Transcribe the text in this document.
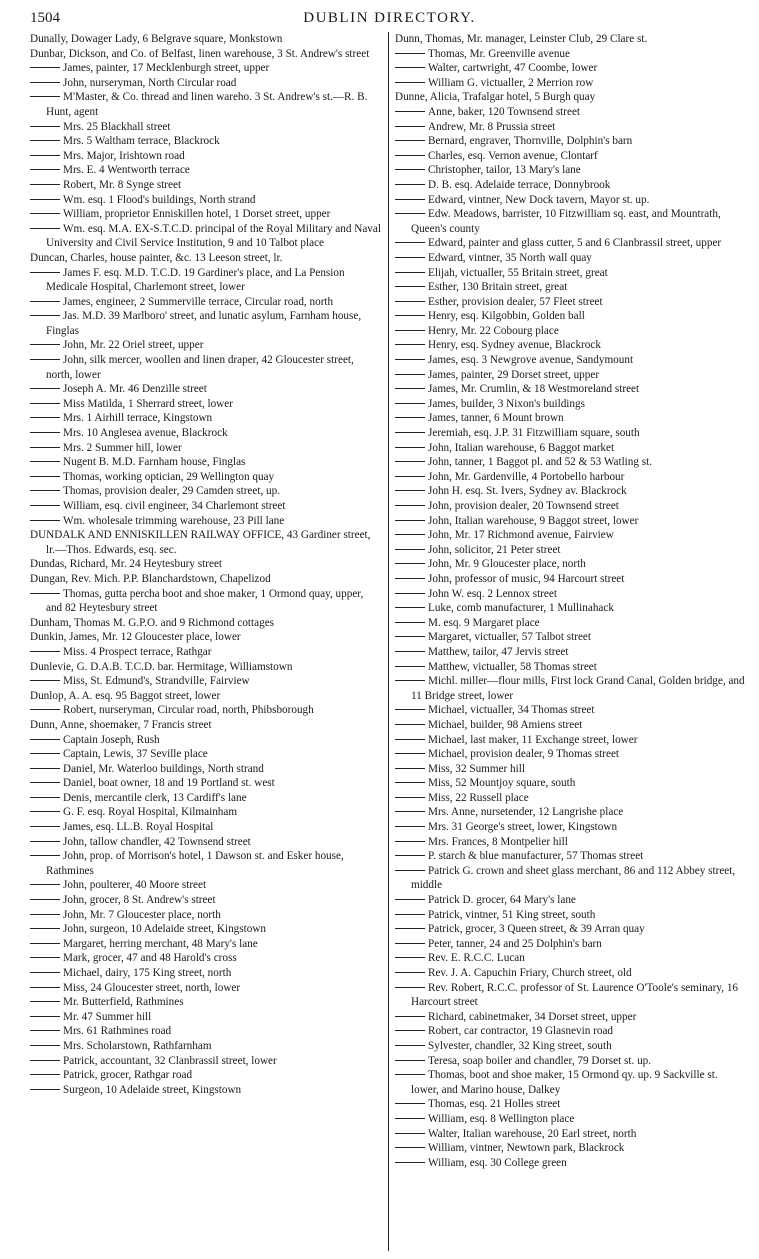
1504	DUBLIN DIRECTORY.
Dunally, Dowager Lady, 6 Belgrave square, Monkstown
Dunbar, Dickson, and Co. of Belfast, linen warehouse, 3 St. Andrew's street
James, painter, 17 Mecklenburgh street, upper
John, nurseryman, North Circular road
M'Master, & Co. thread and linen wareho. 3 St. Andrew's st.—R. B. Hunt, agent
Mrs. 25 Blackhall street
Mrs. 5 Waltham terrace, Blackrock
Mrs. Major, Irishtown road
Mrs. E. 4 Wentworth terrace
Robert, Mr. 8 Synge street
Wm. esq. 1 Flood's buildings, North strand
William, proprietor Enniskillen hotel, 1 Dorset street, upper
Wm. esq. M.A. EX-S.T.C.D. principal of the Royal Military and Naval University and Civil Service Institution, 9 and 10 Talbot place
Duncan, Charles, house painter, &c. 13 Leeson street, lr.
James F. esq. M.D. T.C.D. 19 Gardiner's place, and La Pension Medicale Hospital, Charlemont street, lower
James, engineer, 2 Summerville terrace, Circular road, north
Jas. M.D. 39 Marlboro' street, and lunatic asylum, Farnham house, Finglas
John, Mr. 22 Oriel street, upper
John, silk mercer, woollen and linen draper, 42 Gloucester street, north, lower
Joseph A. Mr. 46 Denzille street
Miss Matilda, 1 Sherrard street, lower
Mrs. 1 Airhill terrace, Kingstown
Mrs. 10 Anglesea avenue, Blackrock
Mrs. 2 Summer hill, lower
Nugent B. M.D. Farnham house, Finglas
Thomas, working optician, 29 Wellington quay
Thomas, provision dealer, 29 Camden street, up.
William, esq. civil engineer, 34 Charlemont street
Wm. wholesale trimming warehouse, 23 Pill lane
DUNDALK AND ENNISKILLEN RAILWAY OFFICE, 43 Gardiner street, lr.—Thos. Edwards, esq. sec.
Dundas, Richard, Mr. 24 Heytesbury street
Dungan, Rev. Mich. P.P. Blanchardstown, Chapelizod
Thomas, gutta percha boot and shoe maker, 1 Ormond quay, upper, and 82 Heytesbury street
Dunham, Thomas M. G.P.O. and 9 Richmond cottages
Dunkin, James, Mr. 12 Gloucester place, lower
Miss. 4 Prospect terrace, Rathgar
Dunlevie, G. D.A.B. T.C.D. bar. Hermitage, Williamstown
Miss, St. Edmund's, Strandville, Fairview
Dunlop, A. A. esq. 95 Baggot street, lower
Robert, nurseryman, Circular road, north, Phibsborough
Dunn, Anne, shoemaker, 7 Francis street
Captain Joseph, Rush
Captain, Lewis, 37 Seville place
Daniel, Mr. Waterloo buildings, North strand
Daniel, boat owner, 18 and 19 Portland st. west
Denis, mercantile clerk, 13 Cardiff's lane
G. F. esq. Royal Hospital, Kilmainham
James, esq. LL.B. Royal Hospital
John, tallow chandler, 42 Townsend street
John, prop. of Morrison's hotel, 1 Dawson st. and Esker house, Rathmines
John, poulterer, 40 Moore street
John, grocer, 8 St. Andrew's street
John, Mr. 7 Gloucester place, north
John, surgeon, 10 Adelaide street, Kingstown
Margaret, herring merchant, 48 Mary's lane
Mark, grocer, 47 and 48 Harold's cross
Michael, dairy, 175 King street, north
Miss, 24 Gloucester street, north, lower
Mr. Butterfield, Rathmines
Mr. 47 Summer hill
Mrs. 61 Rathmines road
Mrs. Scholarstown, Rathfarnham
Patrick, accountant, 32 Clanbrassil street, lower
Patrick, grocer, Rathgar road
Surgeon, 10 Adelaide street, Kingstown
Dunn, Thomas, Mr. manager, Leinster Club, 29 Clare st.
Thomas, Mr. Greenville avenue
Walter, cartwright, 47 Coombe, lower
William G. victualler, 2 Merrion row
Dunne, Alicia, Trafalgar hotel, 5 Burgh quay
Anne, baker, 120 Townsend street
Andrew, Mr. 8 Prussia street
Bernard, engraver, Thornville, Dolphin's barn
Charles, esq. Vernon avenue, Clontarf
Christopher, tailor, 13 Mary's lane
D. B. esq. Adelaide terrace, Donnybrook
Edward, vintner, New Dock tavern, Mayor st. up.
Edw. Meadows, barrister, 10 Fitzwilliam sq. east, and Mountrath, Queen's county
Edward, painter and glass cutter, 5 and 6 Clanbrassil street, upper
Edward, vintner, 35 North wall quay
Elijah, victualler, 55 Britain street, great
Esther, 130 Britain street, great
Esther, provision dealer, 57 Fleet street
Henry, esq. Kilgobbin, Golden ball
Henry, Mr. 22 Cobourg place
Henry, esq. Sydney avenue, Blackrock
James, esq. 3 Newgrove avenue, Sandymount
James, painter, 29 Dorset street, upper
James, Mr. Crumlin, & 18 Westmoreland street
James, builder, 3 Nixon's buildings
James, tanner, 6 Mount brown
Jeremiah, esq. J.P. 31 Fitzwilliam square, south
John, Italian warehouse, 6 Baggot market
John, tanner, 1 Baggot pl. and 52 & 53 Watling st.
John, Mr. Gardenville, 4 Portobello harbour
John H. esq. St. Ivers, Sydney av. Blackrock
John, provision dealer, 20 Townsend street
John, Italian warehouse, 9 Baggot street, lower
John, Mr. 17 Richmond avenue, Fairview
John, solicitor, 21 Peter street
John, Mr. 9 Gloucester place, north
John, professor of music, 94 Harcourt street
John W. esq. 2 Lennox street
Luke, comb manufacturer, 1 Mullinahack
M. esq. 9 Margaret place
Margaret, victualler, 57 Talbot street
Matthew, tailor, 47 Jervis street
Matthew, victualler, 58 Thomas street
Michl. miller—flour mills, First lock Grand Canal, Golden bridge, and 11 Bridge street, lower
Michael, victualler, 34 Thomas street
Michael, builder, 98 Amiens street
Michael, last maker, 11 Exchange street, lower
Michael, provision dealer, 9 Thomas street
Miss, 32 Summer hill
Miss, 52 Mountjoy square, south
Miss, 22 Russell place
Mrs. Anne, nursetender, 12 Langrishe place
Mrs. 31 George's street, lower, Kingstown
Mrs. Frances, 8 Montpelier hill
P. starch & blue manufacturer, 57 Thomas street
Patrick G. crown and sheet glass merchant, 86 and 112 Abbey street, middle
Patrick D. grocer, 64 Mary's lane
Patrick, vintner, 51 King street, south
Patrick, grocer, 3 Queen street, & 39 Arran quay
Peter, tanner, 24 and 25 Dolphin's barn
Rev. E. R.C.C. Lucan
Rev. J. A. Capuchin Friary, Church street, old
Rev. Robert, R.C.C. professor of St. Laurence O'Toole's seminary, 16 Harcourt street
Richard, cabinetmaker, 34 Dorset street, upper
Robert, car contractor, 19 Glasnevin road
Sylvester, chandler, 32 King street, south
Teresa, soap boiler and chandler, 79 Dorset st. up.
Thomas, boot and shoe maker, 15 Ormond qy. up. 9 Sackville st. lower, and Marino house, Dalkey
Thomas, esq. 21 Holles street
William, esq. 8 Wellington place
Walter, Italian warehouse, 20 Earl street, north
William, vintner, Newtown park, Blackrock
William, esq. 30 College green
